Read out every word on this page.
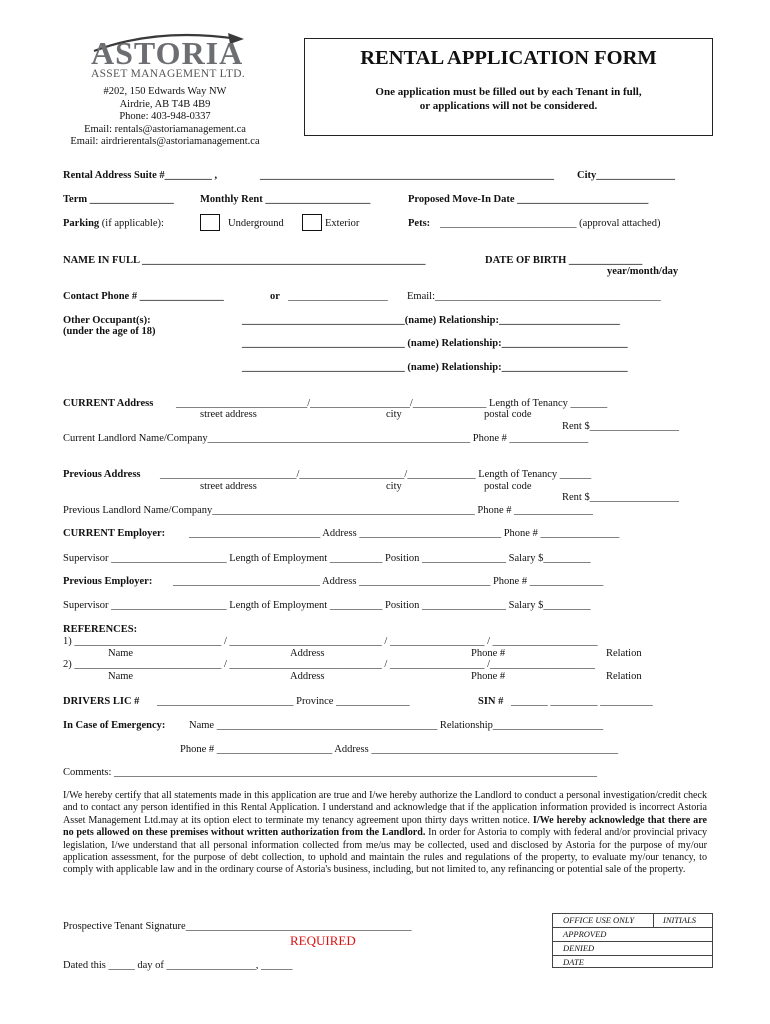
ASTORIA
ASSET MANAGEMENT LTD.
#202, 150 Edwards Way NW
Airdrie, AB T4B 4B9
Phone: 403-948-0337
Email: rentals@astoriamanagement.ca
Email: airdrierentals@astoriamanagement.ca
RENTAL APPLICATION FORM
One application must be filled out by each Tenant in full,
or applications will not be considered.
Rental Address Suite #_________ ,	________________________________________________________ City_______________
Term ________________	Monthly Rent ____________________	Proposed Move-In Date _________________________
Parking (if applicable):	Underground	Exterior	Pets: __________________________ (approval attached)
NAME IN FULL ______________________________________________________	DATE OF BIRTH ______________
year/month/day
Contact Phone # ________________	or ___________________ Email:___________________________________________
Other Occupant(s):
(under the age of 18)
_______________________________(name) Relationship:_______________________
_______________________________ (name) Relationship:________________________
_______________________________ (name) Relationship:________________________
CURRENT Address _________________________/___________________/______________ Length of Tenancy _______
street address	city	postal code
Rent $_________________
Current Landlord Name/Company__________________________________________________ Phone # _______________
Previous Address __________________________/____________________/_____________ Length of Tenancy ______
street address	city	postal code
Rent $_________________
Previous Landlord Name/Company__________________________________________________ Phone # _______________
CURRENT Employer: _________________________ Address ___________________________ Phone # _______________
Supervisor ______________________ Length of Employment __________ Position ________________ Salary $_________
Previous Employer: ____________________________ Address _________________________ Phone # ______________
Supervisor ______________________ Length of Employment __________ Position ________________ Salary $_________
REFERENCES:
1) ____________________________ / _____________________________ / __________________ / ____________________
Name	Address	Phone #	Relation
2) ____________________________ / _____________________________ / __________________ /____________________
Name	Address	Phone #	Relation
DRIVERS LIC # __________________________ Province ______________	SIN # _______ _________ __________
In Case of Emergency: Name __________________________________________ Relationship_____________________
Phone # ______________________ Address _______________________________________________
Comments: ____________________________________________________________________________________________
I/We hereby certify that all statements made in this application are true and I/we hereby authorize the Landlord to conduct a personal investigation/credit check and to contact any person identified in this Rental Application. I understand and acknowledge that if the application information provided is incorrect Astoria Asset Management Ltd.may at its option elect to terminate my tenancy agreement upon thirty days written notice. I/We hereby acknowledge that there are no pets allowed on these premises without written authorization from the Landlord. In order for Astoria to comply with federal and/or provincial privacy legislation, I/we understand that all personal information collected from me/us may be collected, used and disclosed by Astoria for the purpose of my/our application assessment, for the purpose of debt collection, to uphold and maintain the rules and regulations of the property, to evaluate my/our tenancy, to comply with applicable law and in the ordinary course of Astoria's business, including, but not limited to, any refinancing or potential sale of the property.
Prospective Tenant Signature___________________________________________
REQUIRED
Dated this _____ day of _________________, ______
OFFICE USE ONLY	INITIALS
APPROVED
DENIED
DATE
